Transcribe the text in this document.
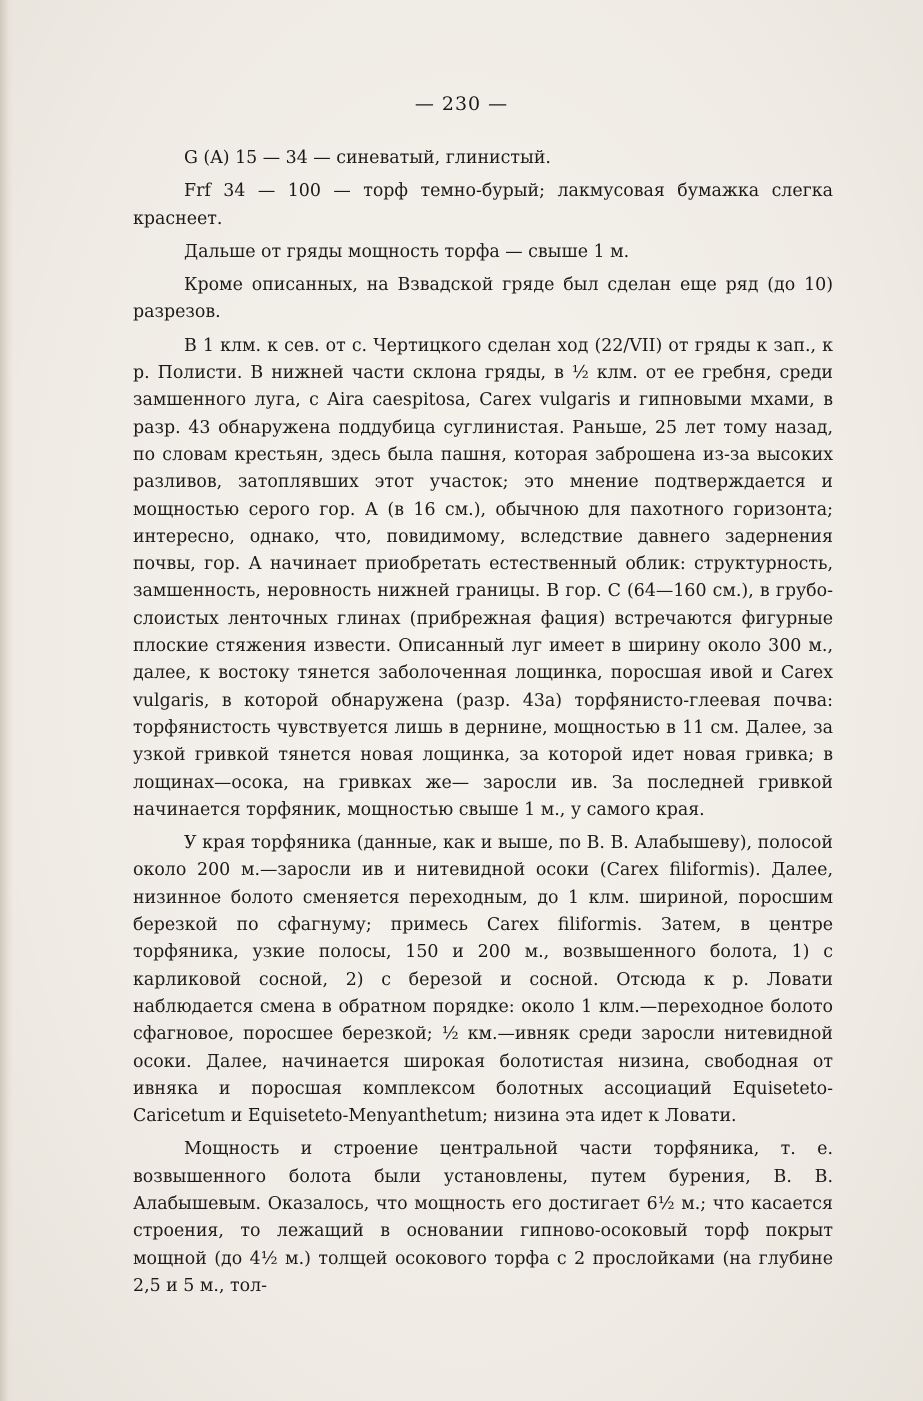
— 230 —

G (A) 15 — 34 — синеватый, глинистый.

Frf 34 — 100 — торф темно-бурый; лакмусовая бумажка слегка краснеет.

Дальше от гряды мощность торфа — свыше 1 м.

Кроме описанных, на Взвадской гряде был сделан еще ряд (до 10) разрезов.

В 1 клм. к сев. от с. Чертицкого сделан ход (22/VII) от гряды к зап., к р. Полисти. В нижней части склона гряды, в ½ клм. от ее гребня, среди замшенного луга, с Aira caespitosa, Carex vulgaris и гипновыми мхами, в разр. 43 обнаружена поддубица суглинистая. Раньше, 25 лет тому назад, по словам крестьян, здесь была пашня, которая заброшена из-за высоких разливов, затоплявших этот участок; это мнение подтверждается и мощностью серого гор. А (в 16 см.), обычною для пахотного горизонта; интересно, однако, что, повидимому, вследствие давнего задернения почвы, гор. А начинает приобретать естественный облик: структурность, замшенность, неровность нижней границы. В гор. С (64—160 см.), в грубо-слоистых ленточных глинах (прибрежная фация) встречаются фигурные плоские стяжения извести. Описанный луг имеет в ширину около 300 м., далее, к востоку тянется заболоченная лощинка, поросшая ивой и Carex vulgaris, в которой обнаружена (разр. 43а) торфянисто-глеевая почва: торфянистость чувствуется лишь в дернине, мощностью в 11 см. Далее, за узкой гривкой тянется новая лощинка, за которой идет новая гривка; в лощинах—осока, на гривках же— заросли ив. За последней гривкой начинается торфяник, мощностью свыше 1 м., у самого края.

У края торфяника (данные, как и выше, по В. В. Алабышеву), полосой около 200 м.—заросли ив и нитевидной осоки (Carex filiformis). Далее, низинное болото сменяется переходным, до 1 клм. шириной, поросшим березкой по сфагнуму; примесь Carex filiformis. Затем, в центре торфяника, узкие полосы, 150 и 200 м., возвышенного болота, 1) с карликовой сосной, 2) с березой и сосной. Отсюда к р. Ловати наблюдается смена в обратном порядке: около 1 клм.—переходное болото сфагновое, поросшее березкой; ½ км.—ивняк среди заросли нитевидной осоки. Далее, начинается широкая болотистая низина, свободная от ивняка и поросшая комплексом болотных ассоциаций Equiseteto-Caricetum и Equiseteto-Menyanthetum; низина эта идет к Ловати.

Мощность и строение центральной части торфяника, т. е. возвышенного болота были установлены, путем бурения, В. В. Алабышевым. Оказалось, что мощность его достигает 6½ м.; что касается строения, то лежащий в основании гипново-осоковый торф покрыт мощной (до 4½ м.) толщей осокового торфа с 2 прослойками (на глубине 2,5 и 5 м., тол-
